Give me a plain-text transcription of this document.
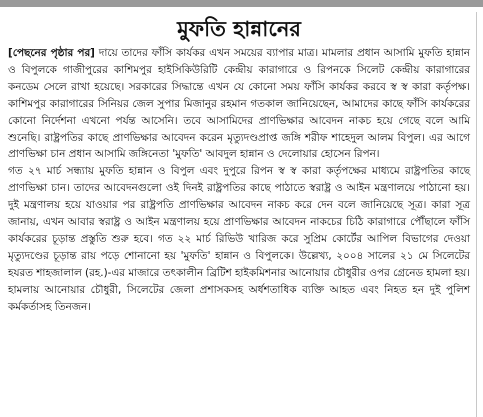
মুফতি হান্নানের

[পেছনের পৃষ্ঠার পর] দায়ে তাদের ফাঁসি কার্যকর এখন সময়ের ব্যাপার মাত্র। মামলার প্রধান আসামি মুফতি হান্নান ও বিপুলকে গাজীপুরের কাশিমপুর হাইসিকিউরিটি কেন্দ্রীয় কারাগারে ও রিপনকে সিলেট কেন্দ্রীয় কারাগারের কনডেম সেলে রাখা হয়েছে। সরকারের সিদ্ধান্তে এখন যে কোনো সময় ফাঁসি কার্যকর করবে স্ব স্ব কারা কর্তৃপক্ষ। কাশিমপুর কারাগারের সিনিয়র জেল সুপার মিজানুর রহমান গতকাল জানিয়েছেন, আমাদের কাছে ফাঁসি কার্যকরের কোনো নির্দেশনা এখনো পর্যন্ত আসেনি। তবে আসামিদের প্রাণভিক্ষার আবেদন নাকচ হয়ে গেছে বলে আমি শুনেছি। রাষ্ট্রপতির কাছে প্রাণভিক্ষার আবেদন করেন মৃত্যুদণ্ডপ্রাপ্ত জঙ্গি শরীফ শাহেদুল আলম বিপুল। এর আগে প্রাণভিক্ষা চান প্রধান আসামি জঙ্গিনেতা 'মুফতি' আবদুল হান্নান ও দেলোয়ার হোসেন রিপন।

গত ২৭ মার্চ সন্ধ্যায় মুফতি হান্নান ও বিপুল এবং দুপুরে রিপন স্ব স্ব কারা কর্তৃপক্ষের মাধ্যমে রাষ্ট্রপতির কাছে প্রাণভিক্ষা চান। তাদের আবেদনগুলো ওই দিনই রাষ্ট্রপতির কাছে পাঠাতে স্বরাষ্ট্র ও আইন মন্ত্রণালয়ে পাঠানো হয়। দুই মন্ত্রণালয় হয়ে যাওয়ার পর রাষ্ট্রপতি প্রাণভিক্ষার আবেদন নাকচ করে দেন বলে জানিয়েছে সূত্র। কারা সূত্র জানায়, এখন আবার স্বরাষ্ট্র ও আইন মন্ত্রণালয় হয়ে প্রাণভিক্ষার আবেদন নাকচের চিঠি কারাগারে পৌঁছালে ফাঁসি কার্যকরের চূড়ান্ত প্রস্তুতি শুরু হবে। গত ২২ মার্চ রিভিউ খারিজ করে সুপ্রিম কোর্টের আপিল বিভাগের দেওয়া মৃত্যুদণ্ডের চূড়ান্ত রায় পড়ে শোনানো হয় 'মুফতি' হান্নান ও বিপুলকে। উল্লেখ্য, ২০০৪ সালের ২১ মে সিলেটের হযরত শাহজালাল (রহ.)-এর মাজারে তৎকালীন ব্রিটিশ হাইকমিশনার আনোয়ার চৌধুরীর ওপর গ্রেনেড হামলা হয়। হামলায় আনোয়ার চৌধুরী, সিলেটের জেলা প্রশাসকসহ অর্ধশতাধিক ব্যক্তি আহত এবং নিহত হন দুই পুলিশ কর্মকর্তাসহ তিনজন।
